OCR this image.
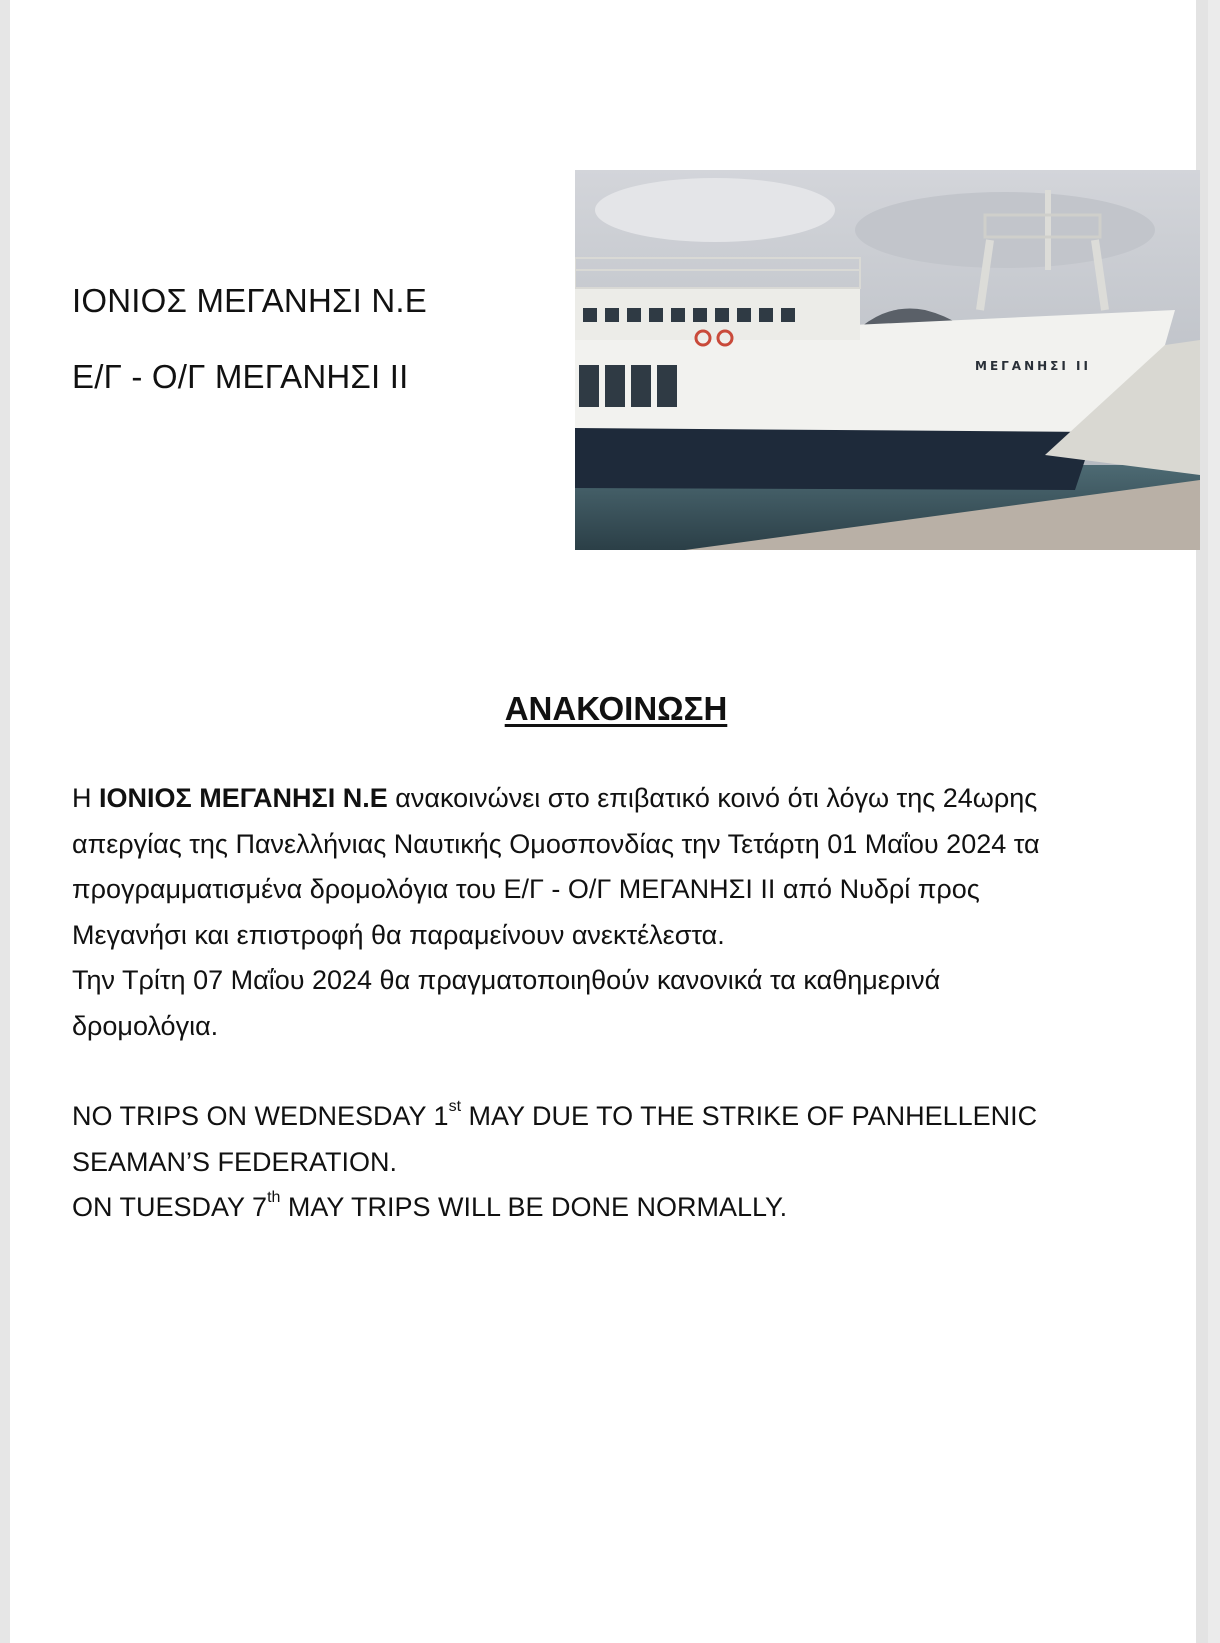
ΙΟΝΙΟΣ ΜΕΓΑΝΗΣΙ Ν.Ε
Ε/Γ - Ο/Γ ΜΕΓΑΝΗΣΙ ΙΙ	ΜΕΓΑΝΗΣΙ ΙΙ
ΑΝΑΚΟΙΝΩΣΗ

Η ΙΟΝΙΟΣ ΜΕΓΑΝΗΣΙ Ν.Ε ανακοινώνει στο επιβατικό κοινό ότι λόγω της 24ωρης

απεργίας της Πανελλήνιας Ναυτικής Ομοσπονδίας την Τετάρτη 01 Μαΐου 2024 τα

προγραμματισμένα δρομολόγια του Ε/Γ - Ο/Γ ΜΕΓΑΝΗΣΙ ΙΙ από Νυδρί προς

Μεγανήσι και επιστροφή θα παραμείνουν ανεκτέλεστα.

Την Τρίτη 07 Μαΐου 2024 θα πραγματοποιηθούν κανονικά τα καθημερινά

δρομολόγια.

NO TRIPS ON WEDNESDAY 1st MAY DUE TO THE STRIKE OF PANHELLENIC

SEAMAN’S FEDERATION.

ON TUESDAY 7th MAY TRIPS WILL BE DONE NORMALLY.
